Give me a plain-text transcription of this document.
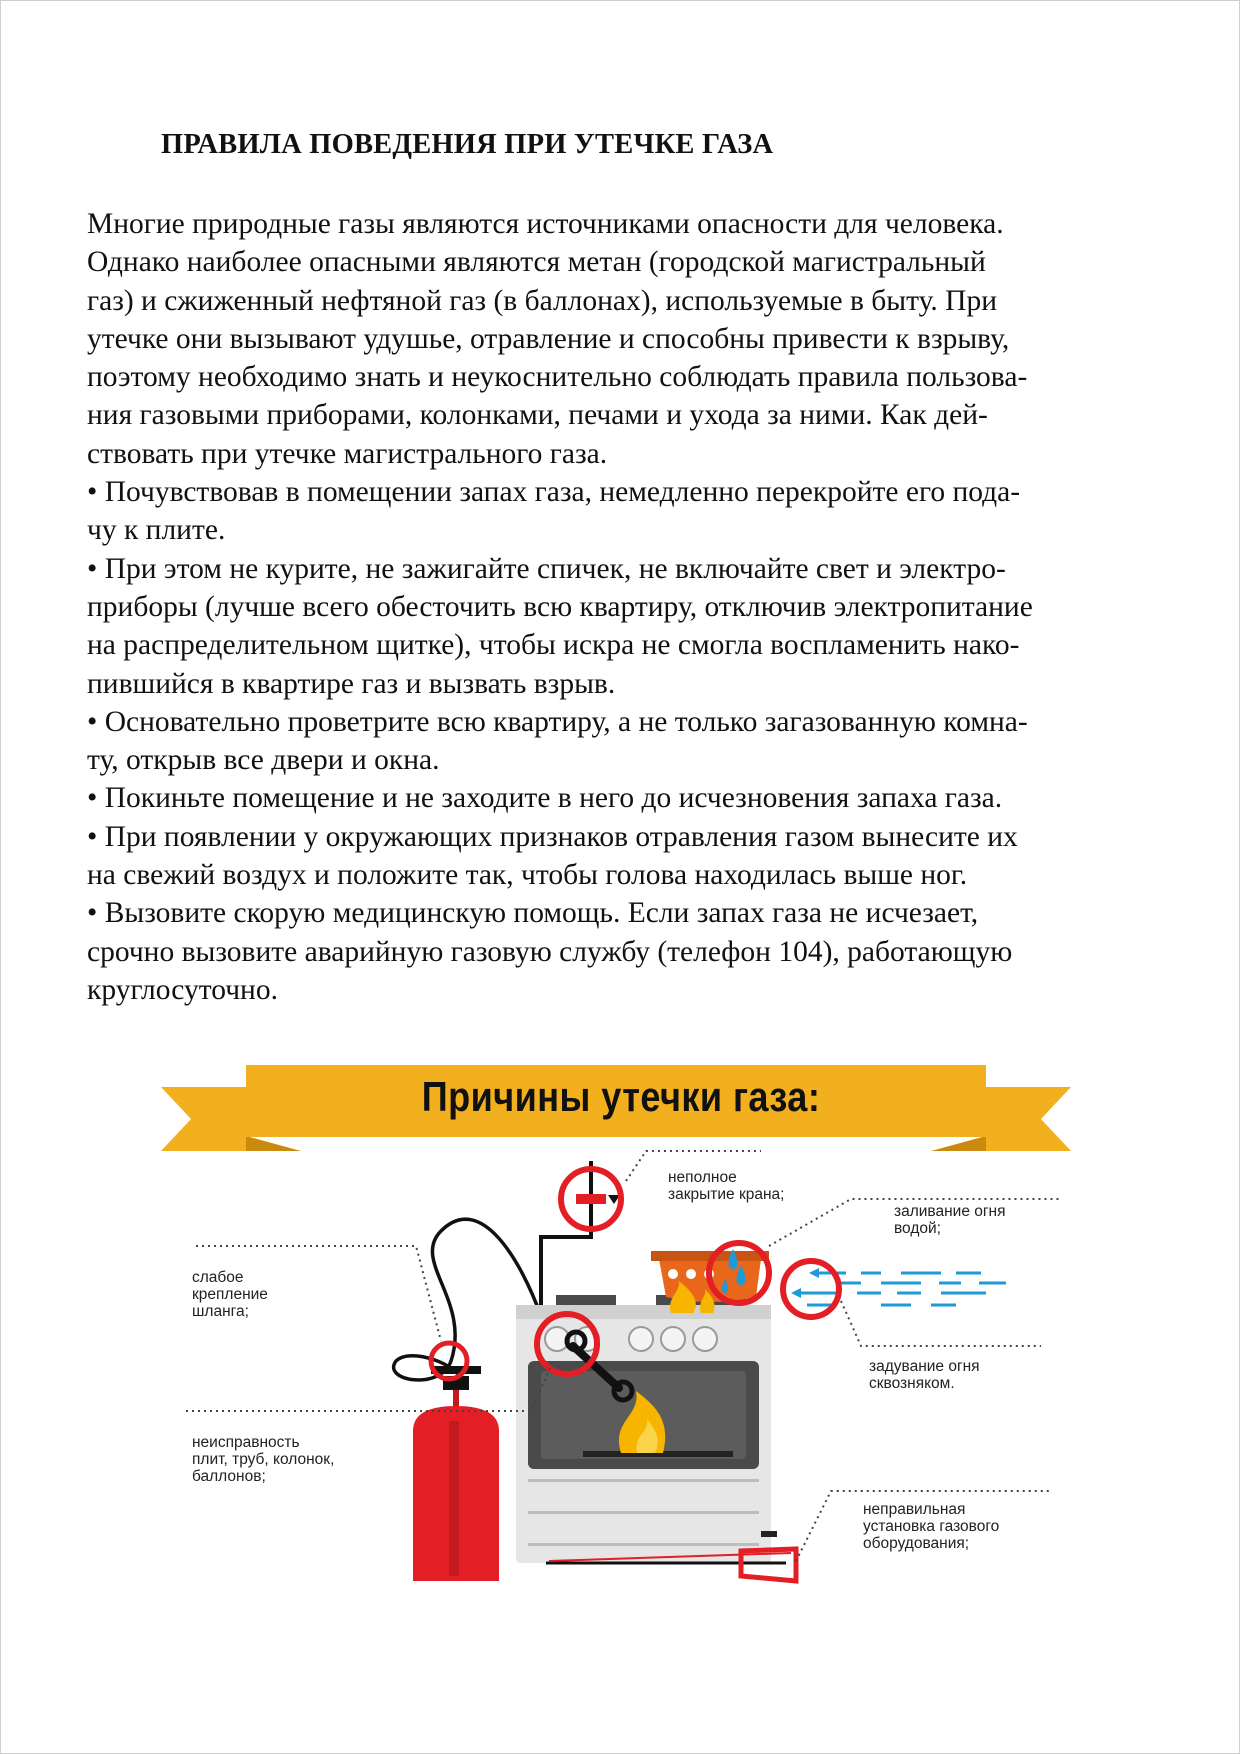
ПРАВИЛА ПОВЕДЕНИЯ ПРИ УТЕЧКЕ ГАЗА
Многие природные газы являются источниками опасности для человека.
Однако наиболее опасными являются метан (городской магистральный
газ) и сжиженный нефтяной газ (в баллонах), используемые в быту. При
утечке они вызывают удушье, отравление и способны привести к взрыву,
поэтому необходимо знать и неукоснительно соблюдать правила пользова-
ния газовыми приборами, колонками, печами и ухода за ними. Как дей-
ствовать при утечке магистрального газа.
• Почувствовав в помещении запах газа, немедленно перекройте его пода-
чу к плите.
• При этом не курите, не зажигайте спичек, не включайте свет и электро-
приборы (лучше всего обесточить всю квартиру, отключив электропитание
на распределительном щитке), чтобы искра не смогла воспламенить нако-
пившийся в квартире газ и вызвать взрыв.
• Основательно проветрите всю квартиру, а не только загазованную комна-
ту, открыв все двери и окна.
• Покиньте помещение и не заходите в него до исчезновения запаха газа.
• При появлении у окружающих признаков отравления газом вынесите их
на свежий воздух и положите так, чтобы голова находилась выше ног.
• Вызовите скорую медицинскую помощь. Если запах газа не исчезает,
срочно вызовите аварийную газовую службу (телефон 104), работающую
круглосуточно.
Причины утечки газа:
неполное
закрытие крана;
заливание огня
водой;
задувание огня
сквозняком.
слабое
крепление
шланга;
неисправность
плит, труб, колонок,
баллонов;
неправильная
установка газового
оборудования;
